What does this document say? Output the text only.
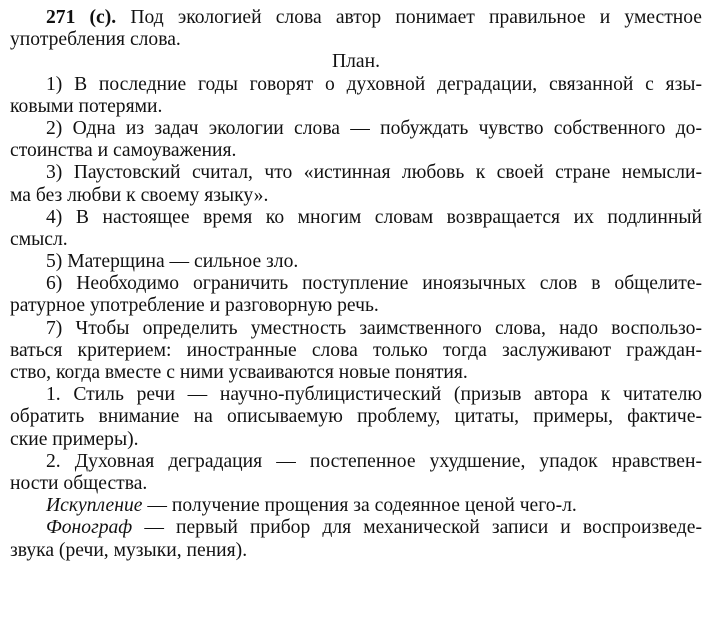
271 (с). Под экологией слова автор понимает правильное и уместное
употребления слова.
План.
1) В последние годы говорят о духовной деградации, связанной с язы-
ковыми потерями.
2) Одна из задач экологии слова — побуждать чувство собственного до-
стоинства и самоуважения.
3) Паустовский считал, что «истинная любовь к своей стране немысли-
ма без любви к своему языку».
4) В настоящее время ко многим словам возвращается их подлинный
смысл.
5) Матерщина — сильное зло.
6) Необходимо ограничить поступление иноязычных слов в общелите-
ратурное употребление и разговорную речь.
7) Чтобы определить уместность заимственного слова, надо воспользо-
ваться критерием: иностранные слова только тогда заслуживают граждан-
ство, когда вместе с ними усваиваются новые понятия.
1. Стиль речи — научно-публицистический (призыв автора к читателю
обратить внимание на описываемую проблему, цитаты, примеры, фактиче-
ские примеры).
2. Духовная деградация — постепенное ухудшение, упадок нравствен-
ности общества.
Искупление — получение прощения за содеянное ценой чего-л.
Фонограф — первый прибор для механической записи и воспроизведе-
звука (речи, музыки, пения).
